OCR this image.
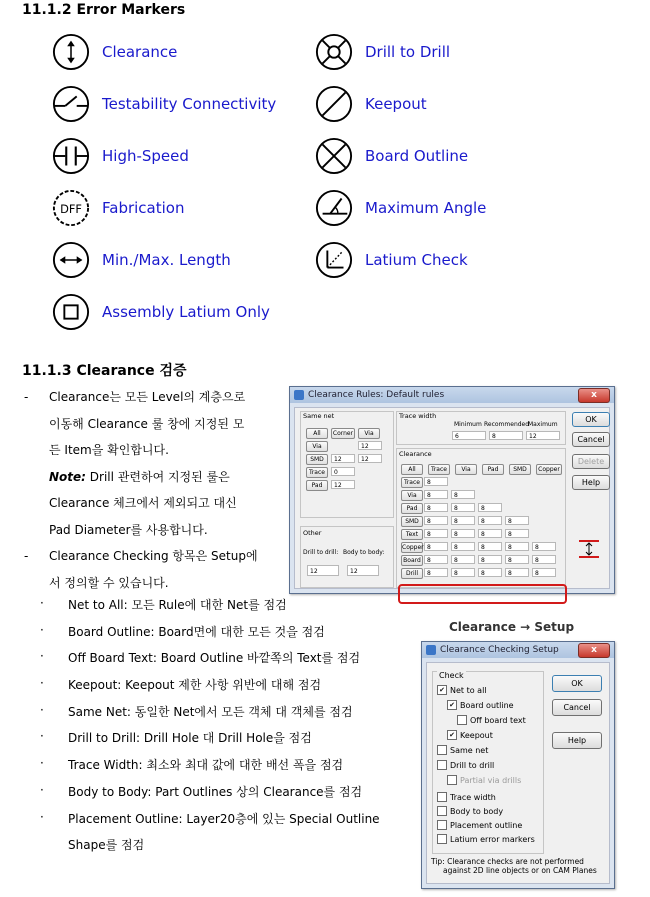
11.1.2 Error Markers
Clearance
Testability Connectivity
High-Speed
DFF Fabrication
Min./Max. Length
Assembly Latium Only
Drill to Drill
Keepout
Board Outline
Maximum Angle
Latium Check
11.1.3 Clearance 검증
- Clearance는 모든 Level의 계층으로
이동해 Clearance 룰 창에 지정된 모
든 Item을 확인합니다.
Note: Drill 관련하여 지정된 룰은
Clearance 체크에서 제외되고 대신
Pad Diameter를 사용합니다.
- Clearance Checking 항목은 Setup에
서 정의할 수 있습니다.
· Net to All: 모든 Rule에 대한 Net를 점검
· Board Outline: Board면에 대한 모든 것을 점검
· Off Board Text: Board Outline 바깥쪽의 Text를 점검
· Keepout: Keepout 제한 사항 위반에 대해 점검
· Same Net: 동일한 Net에서 모든 객체 대 객체를 점검
· Drill to Drill: Drill Hole 대 Drill Hole을 점검
· Trace Width: 최소와 최대 값에 대한 배선 폭을 점검
· Body to Body: Part Outlines 상의 Clearance를 점검
· Placement Outline: Layer20층에 있는 Special Outline
Shape를 점검
Clearance Rules: Default rules	x
Same net
All	Corner	Via
Via	12
SMD	12	12
Trace	0
Pad	12
Other
Drill to drill: Body to body:
12	12
Trace width
Minimum Recommended
Maximum
6	8	12
Clearance
All	Trace	Via	Pad	SMD	Copper
Trace	8
Via	8	8
Pad	8	8	8
SMD	8	8	8	8
Text	8	8	8	8
Copper 8	8	8	8	8
Board	8	8	8	8	8
Drill	8	8	8	8	8
OK
Cancel
Delete
Help
Clearance → Setup
Clearance Checking Setup	x
Check
✔ Net to all
✔ Board outline
Off board text
✔ Keepout
Same net
Drill to drill
Partial via drills
Trace width
Body to body
Placement outline
Latium error markers
OK
Cancel
Help
Tip: Clearance checks are not performed
against 2D line objects or on CAM Planes
